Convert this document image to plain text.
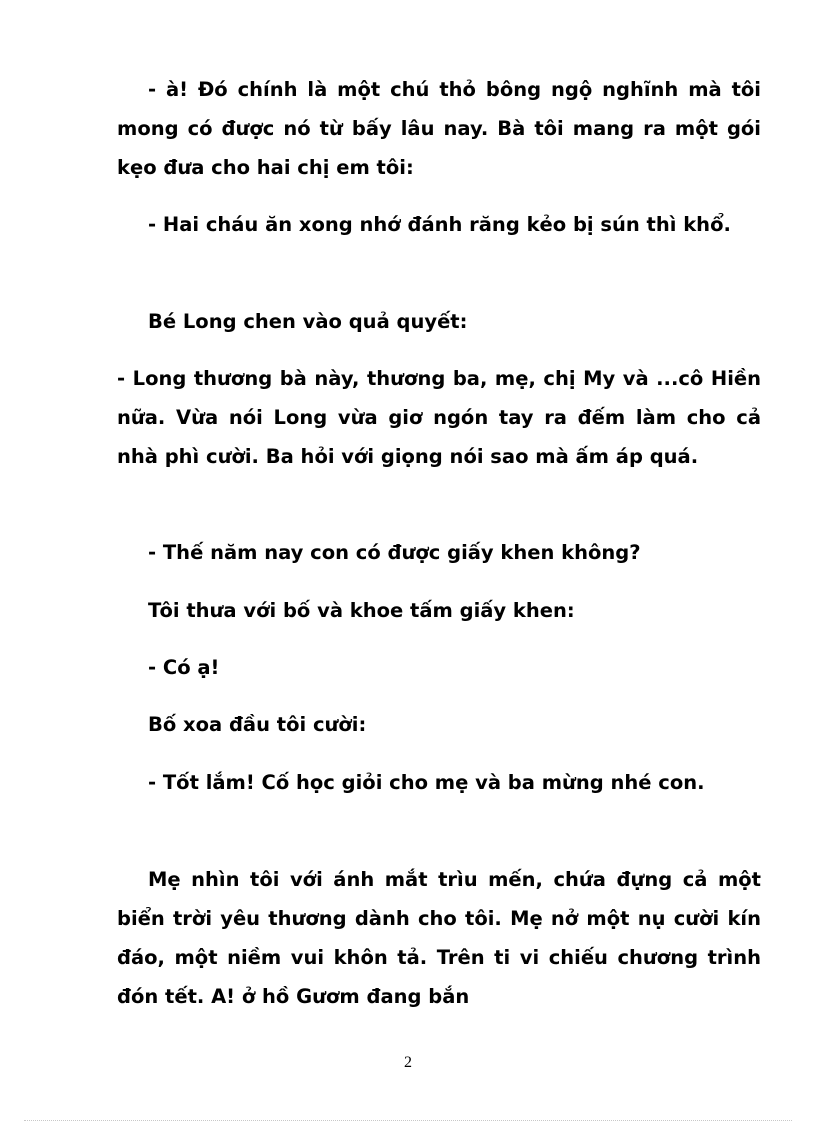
- à! Đó chính là một chú thỏ bông ngộ nghĩnh mà tôi mong có được nó từ bấy lâu nay. Bà tôi mang ra một gói kẹo đưa cho hai chị em tôi:

- Hai cháu ăn xong nhớ đánh răng kẻo bị sún thì khổ.

Bé Long chen vào quả quyết:

- Long thương bà này, thương ba, mẹ, chị My và ...cô Hiền nữa. Vừa nói Long vừa giơ ngón tay ra đếm làm cho cả nhà phì cười. Ba hỏi với giọng nói sao mà ấm áp quá.

- Thế năm nay con có được giấy khen không?

Tôi thưa với bố và khoe tấm giấy khen:

- Có ạ!

Bố xoa đầu tôi cười:

- Tốt lắm! Cố học giỏi cho mẹ và ba mừng nhé con.

Mẹ nhìn tôi với ánh mắt trìu mến, chứa đựng cả một biển trời yêu thương dành cho tôi. Mẹ nở một nụ cười kín đáo, một niềm vui khôn tả. Trên ti vi chiếu chương trình đón tết. A! ở hồ Gươm đang bắn

2
